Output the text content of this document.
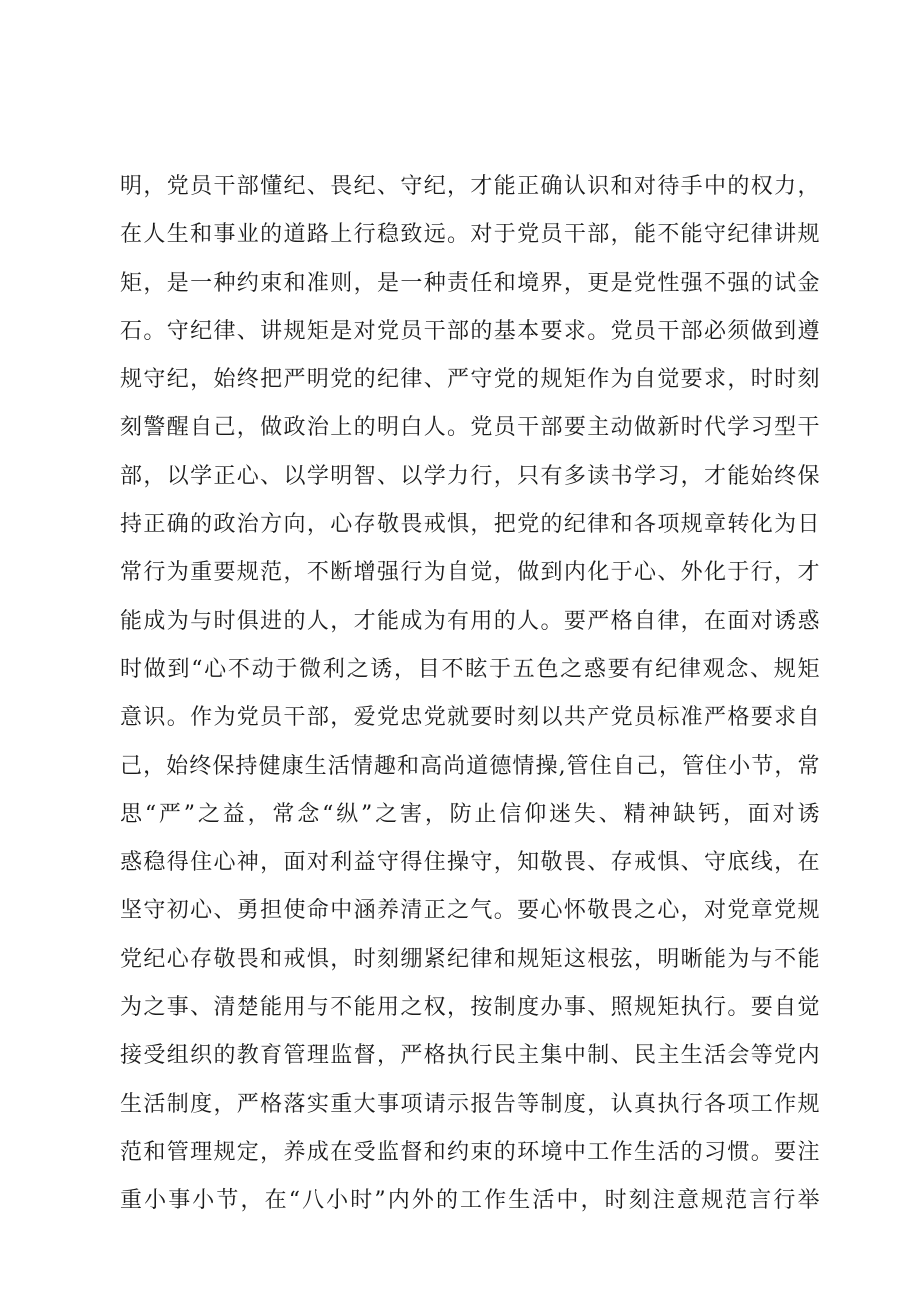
明，党员干部懂纪、畏纪、守纪，才能正确认识和对待手中的权力，
在人生和事业的道路上行稳致远。对于党员干部，能不能守纪律讲规
矩，是一种约束和准则，是一种责任和境界，更是党性强不强的试金
石。守纪律、讲规矩是对党员干部的基本要求。党员干部必须做到遵
规守纪，始终把严明党的纪律、严守党的规矩作为自觉要求，时时刻
刻警醒自己，做政治上的明白人。党员干部要主动做新时代学习型干
部，以学正心、以学明智、以学力行，只有多读书学习，才能始终保
持正确的政治方向，心存敬畏戒惧，把党的纪律和各项规章转化为日
常行为重要规范，不断增强行为自觉，做到内化于心、外化于行，才
能成为与时俱进的人，才能成为有用的人。要严格自律，在面对诱惑
时做到“心不动于微利之诱，目不眩于五色之惑要有纪律观念、规矩
意识。作为党员干部，爱党忠党就要时刻以共产党员标准严格要求自
己，始终保持健康生活情趣和高尚道德情操,管住自己，管住小节，常
思“严”之益，常念“纵”之害，防止信仰迷失、精神缺钙，面对诱
惑稳得住心神，面对利益守得住操守，知敬畏、存戒惧、守底线，在
坚守初心、勇担使命中涵养清正之气。要心怀敬畏之心，对党章党规
党纪心存敬畏和戒惧，时刻绷紧纪律和规矩这根弦，明晰能为与不能
为之事、清楚能用与不能用之权，按制度办事、照规矩执行。要自觉
接受组织的教育管理监督，严格执行民主集中制、民主生活会等党内
生活制度，严格落实重大事项请示报告等制度，认真执行各项工作规
范和管理规定，养成在受监督和约束的环境中工作生活的习惯。要注
重小事小节，在“八小时”内外的工作生活中，时刻注意规范言行举
